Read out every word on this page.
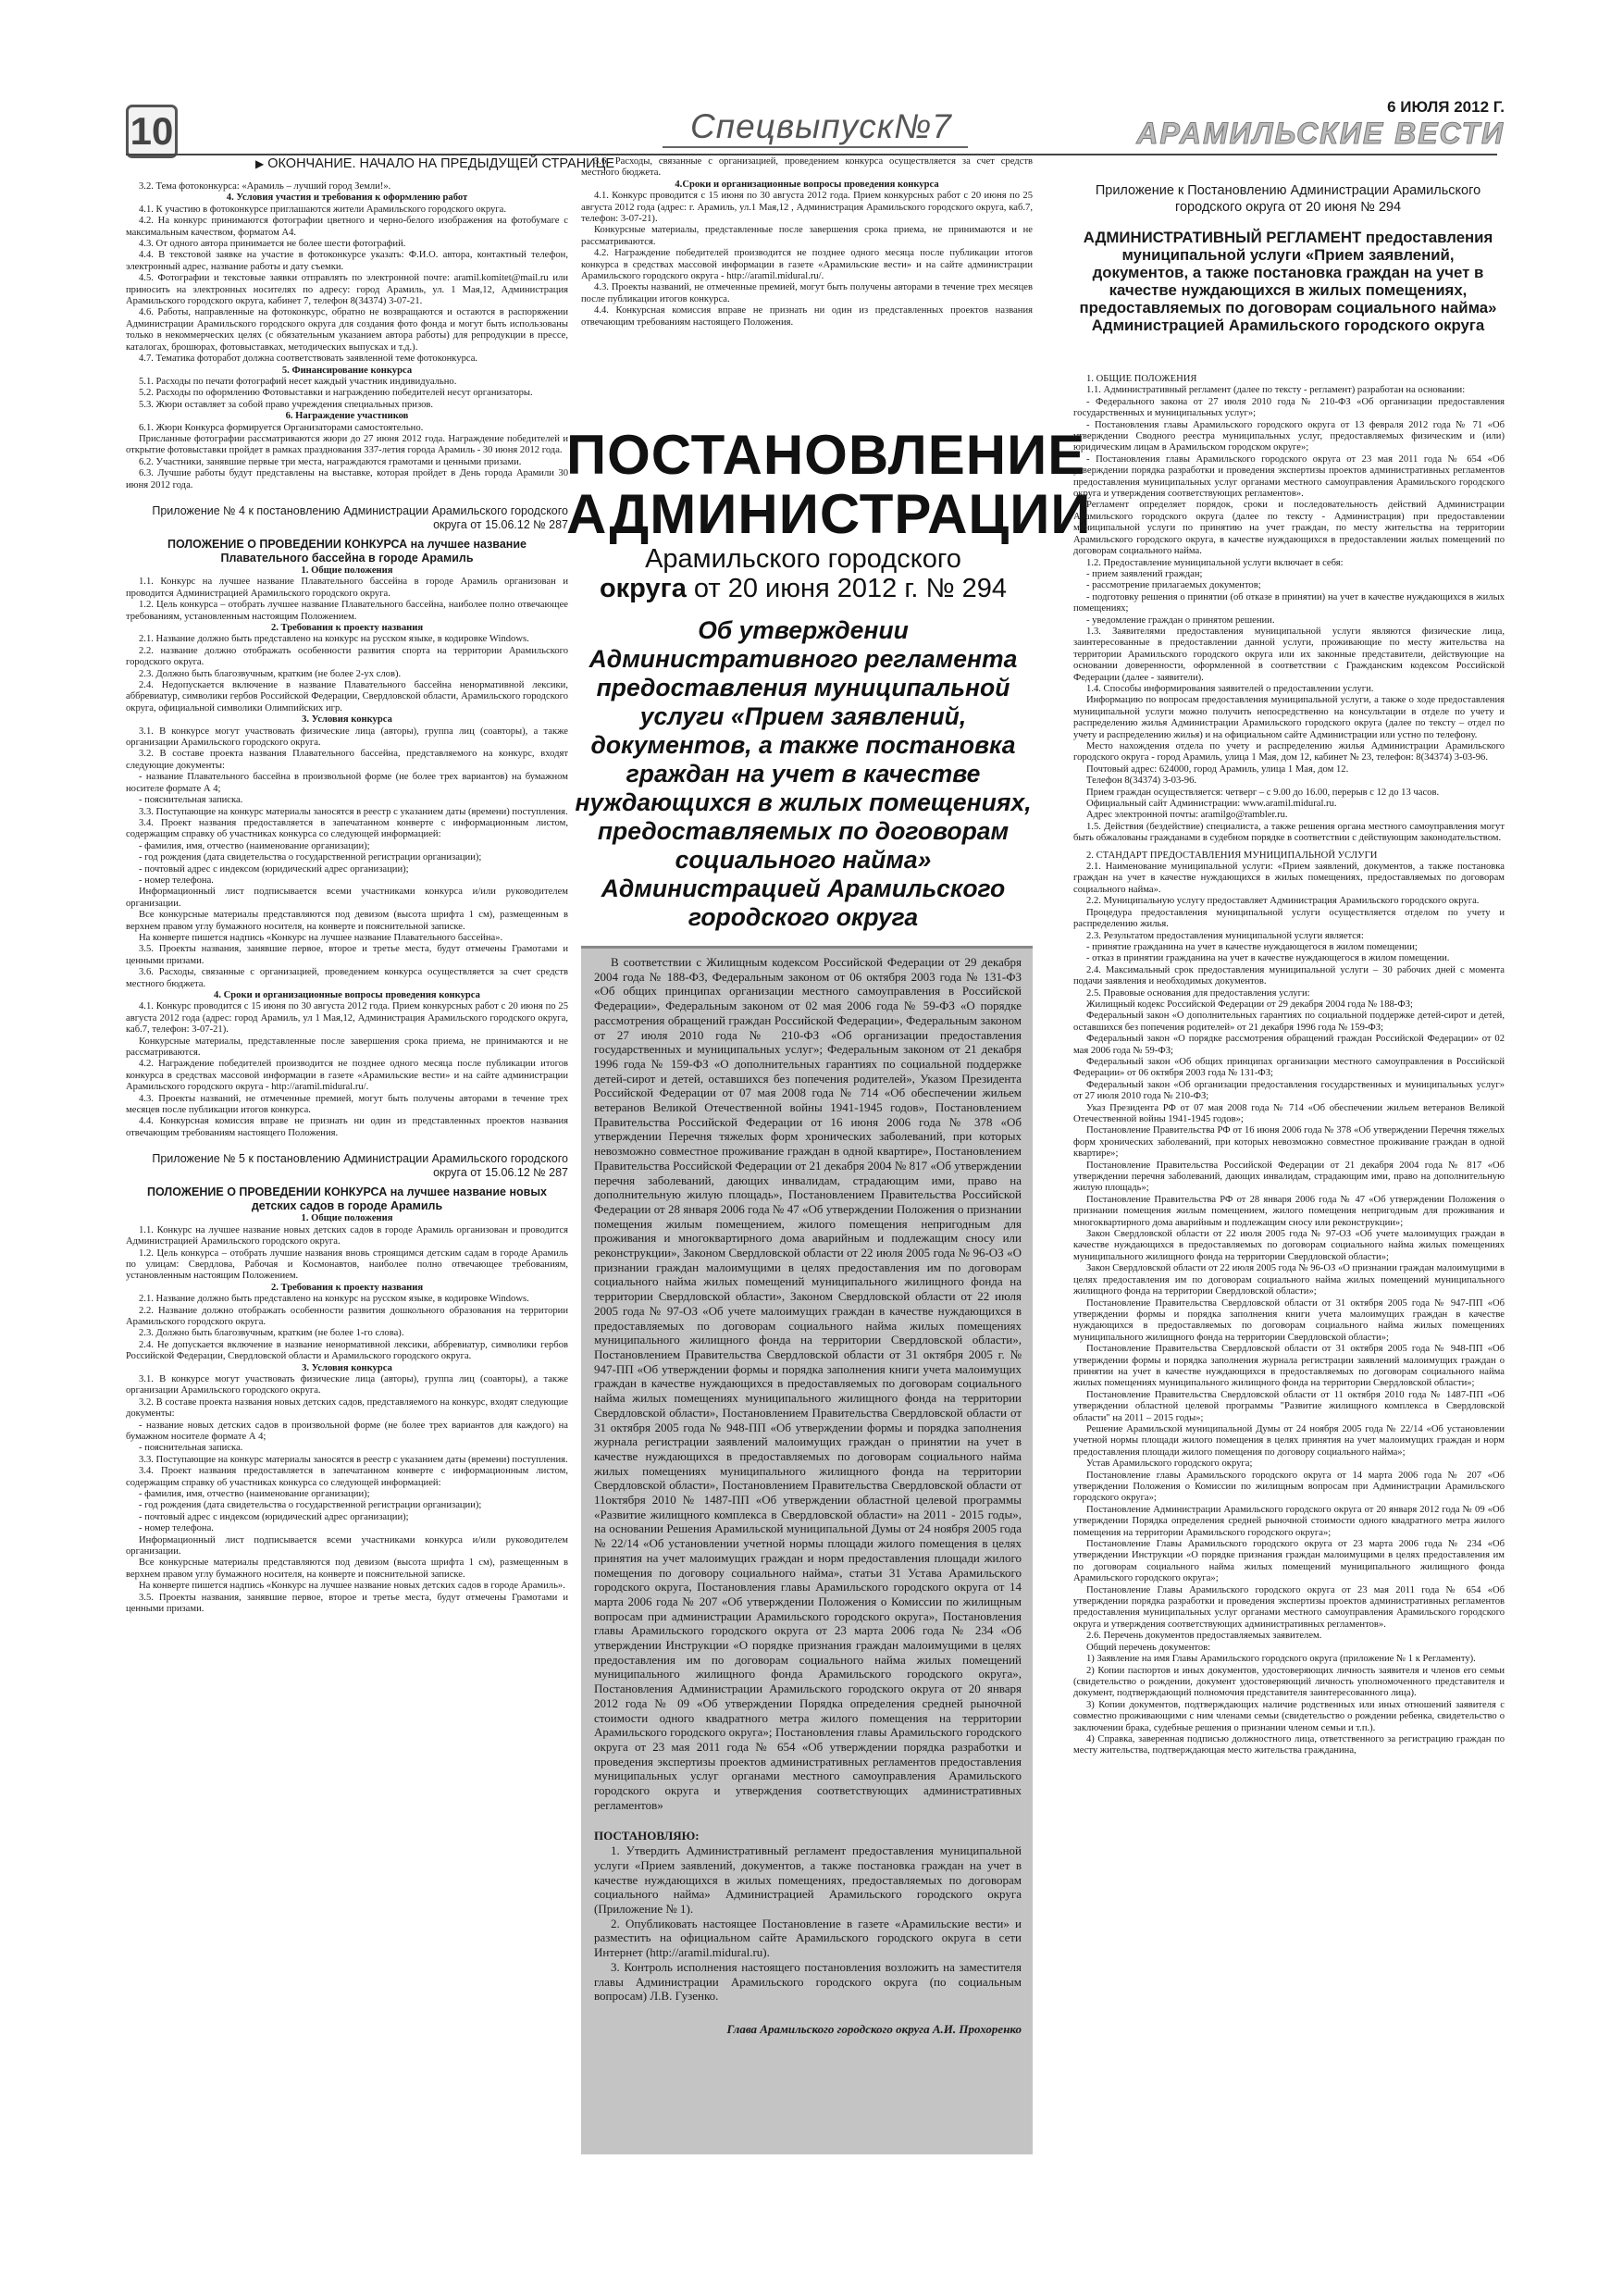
10	Спецвыпуск№7
6 ИЮЛЯ 2012 Г.
АРАМИЛЬСКИЕ ВЕСТИ
▶ ОКОНЧАНИЕ. НАЧАЛО НА ПРЕДЫДУЩЕЙ СТРАНИЦЕ

3.2. Тема фотоконкурса: «Арамиль – лучший город Земли!».

4. Условия участия и требования к оформлению работ

4.1. К участию в фотоконкурсе приглашаются жители Арамильского городского округа.

4.2. На конкурс принимаются фотографии цветного и черно-белого изображения на фотобумаге с максимальным качеством, форматом А4.

4.3. От одного автора принимается не более шести фотографий.

4.4. В текстовой заявке на участие в фотоконкурсе указать: Ф.И.О. автора, контактный телефон, электронный адрес, название работы и дату съемки.

4.5. Фотографии и текстовые заявки отправлять по электронной почте: aramil.komitet@mail.ru или приносить на электронных носителях по адресу: город Арамиль, ул. 1 Мая,12, Администрация Арамильского городского округа, кабинет 7, телефон 8(34374) 3-07-21.

4.6. Работы, направленные на фотоконкурс, обратно не возвращаются и остаются в распоряжении Администрации Арамильского городского округа для создания фото фонда и могут быть использованы только в некоммерческих целях (с обязательным указанием автора работы) для репродукции в прессе, каталогах, брошюрах, фотовыставках, методических выпусках и т.д.).

4.7. Тематика фоторабот должна соответствовать заявленной теме фотоконкурса.

5. Финансирование конкурса

5.1. Расходы по печати фотографий несет каждый участник индивидуально.

5.2. Расходы по оформлению Фотовыставки и награждению победителей несут организаторы.

5.3. Жюри оставляет за собой право учреждения специальных призов.

6. Награждение участников

6.1. Жюри Конкурса формируется Организаторами самостоятельно.

Присланные фотографии рассматриваются жюри до 27 июня 2012 года. Награждение победителей и открытие фотовыставки пройдет в рамках празднования 337-летия города Арамиль - 30 июня 2012 года.

6.2. Участники, занявшие первые три места, награждаются грамотами и ценными призами.

6.3. Лучшие работы будут представлены на выставке, которая пройдет в День города Арамили 30 июня 2012 года.

Приложение № 4 к постановлению Администрации Арамильского городского округа от 15.06.12 № 287

ПОЛОЖЕНИЕ О ПРОВЕДЕНИИ КОНКУРСА на лучшее название Плавательного бассейна в городе Арамиль

1. Общие положения

1.1. Конкурс на лучшее название Плавательного бассейна в городе Арамиль организован и проводится Администрацией Арамильского городского округа.

1.2. Цель конкурса – отобрать лучшее название Плавательного бассейна, наиболее полно отвечающее требованиям, установленным настоящим Положением.

2. Требования к проекту названия

2.1. Название должно быть представлено на конкурс на русском языке, в кодировке Windows.

2.2. название должно отображать особенности развития спорта на территории Арамильского городского округа.

2.3. Должно быть благозвучным, кратким (не более 2-ух слов).

2.4. Недопускается включение в название Плавательного бассейна ненормативной лексики, аббревиатур, символики гербов Российской Федерации, Свердловской области, Арамильского городского округа, официальной символики Олимпийских игр.

3. Условия конкурса

3.1. В конкурсе могут участвовать физические лица (авторы), группа лиц (соавторы), а также организации Арамильского городского округа.

3.2. В составе проекта названия Плавательного бассейна, представляемого на конкурс, входят следующие документы:

- название Плавательного бассейна в произвольной форме (не более трех вариантов) на бумажном носителе формате А 4;

- пояснительная записка.

3.3. Поступающие на конкурс материалы заносятся в реестр с указанием даты (времени) поступления.

3.4. Проект названия предоставляется в запечатанном конверте с информационным листом, содержащим справку об участниках конкурса со следующей информацией:

- фамилия, имя, отчество (наименование организации);

- год рождения (дата свидетельства о государственной регистрации организации);

- почтовый адрес с индексом (юридический адрес организации);

- номер телефона.

Информационный лист подписывается всеми участниками конкурса и/или руководителем организации.

Все конкурсные материалы представляются под девизом (высота шрифта 1 см), размещенным в верхнем правом углу бумажного носителя, на конверте и пояснительной записке.

На конверте пишется надпись «Конкурс на лучшее название Плавательного бассейна».

3.5. Проекты названия, занявшие первое, второе и третье места, будут отмечены Грамотами и ценными призами.

3.6. Расходы, связанные с организацией, проведением конкурса осуществляется за счет средств местного бюджета.

4. Сроки и организационные вопросы проведения конкурса

4.1. Конкурс проводится с 15 июня по 30 августа 2012 года. Прием конкурсных работ с 20 июня по 25 августа 2012 года (адрес: город Арамиль, ул 1 Мая,12, Администрация Арамильского городского округа, каб.7, телефон: 3-07-21).

Конкурсные материалы, представленные после завершения срока приема, не принимаются и не рассматриваются.

4.2. Награждение победителей производится не позднее одного месяца после публикации итогов конкурса в средствах массовой информации в газете «Арамильские вести» и на сайте администрации Арамильского городского округа - http://aramil.midural.ru/.

4.3. Проекты названий, не отмеченные премией, могут быть получены авторами в течение трех месяцев после публикации итогов конкурса.

4.4. Конкурсная комиссия вправе не признать ни один из представленных проектов названия отвечающим требованиям настоящего Положения.

Приложение № 5 к постановлению Администрации Арамильского городского округа от 15.06.12 № 287

ПОЛОЖЕНИЕ О ПРОВЕДЕНИИ КОНКУРСА на лучшее название новых детских садов в городе Арамиль

1. Общие положения

1.1. Конкурс на лучшее название новых детских садов в городе Арамиль организован и проводится Администрацией Арамильского городского округа.

1.2. Цель конкурса – отобрать лучшие названия вновь строящимся детским садам в городе Арамиль по улицам: Свердлова, Рабочая и Космонавтов, наиболее полно отвечающее требованиям, установленным настоящим Положением.

2. Требования к проекту названия

2.1. Название должно быть представлено на конкурс на русском языке, в кодировке Windows.

2.2. Название должно отображать особенности развития дошкольного образования на территории Арамильского городского округа.

2.3. Должно быть благозвучным, кратким (не более 1-го слова).

2.4. Не допускается включение в название ненормативной лексики, аббревиатур, символики гербов Российской Федерации, Свердловской области и Арамильского городского округа.

3. Условия конкурса

3.1. В конкурсе могут участвовать физические лица (авторы), группа лиц (соавторы), а также организации Арамильского городского округа.

3.2. В составе проекта названия новых детских садов, представляемого на конкурс, входят следующие документы:

- название новых детских садов в произвольной форме (не более трех вариантов для каждого) на бумажном носителе формате А 4;

- пояснительная записка.

3.3. Поступающие на конкурс материалы заносятся в реестр с указанием даты (времени) поступления.

3.4. Проект названия предоставляется в запечатанном конверте с информационным листом, содержащим справку об участниках конкурса со следующей информацией:

- фамилия, имя, отчество (наименование организации);

- год рождения (дата свидетельства о государственной регистрации организации);

- почтовый адрес с индексом (юридический адрес организации);

- номер телефона.

Информационный лист подписывается всеми участниками конкурса и/или руководителем организации.

Все конкурсные материалы представляются под девизом (высота шрифта 1 см), размещенным в верхнем правом углу бумажного носителя, на конверте и пояснительной записке.

На конверте пишется надпись «Конкурс на лучшее название новых детских садов в городе Арамиль».

3.5. Проекты названия, занявшие первое, второе и третье места, будут отмечены Грамотами и ценными призами.

3.6. Расходы, связанные с организацией, проведением конкурса осуществляется за счет средств местного бюджета.

4.Сроки и организационные вопросы проведения конкурса

4.1. Конкурс проводится с 15 июня по 30 августа 2012 года. Прием конкурсных работ с 20 июня по 25 августа 2012 года (адрес: г. Арамиль, ул.1 Мая,12 , Администрация Арамильского городского округа, каб.7, телефон: 3-07-21).

Конкурсные материалы, представленные после завершения срока приема, не принимаются и не рассматриваются.

4.2. Награждение победителей производится не позднее одного месяца после публикации итогов конкурса в средствах массовой информации в газете «Арамильские вести» и на сайте администрации Арамильского городского округа - http://aramil.midural.ru/.

4.3. Проекты названий, не отмеченные премией, могут быть получены авторами в течение трех месяцев после публикации итогов конкурса.

4.4. Конкурсная комиссия вправе не признать ни один из представленных проектов названия отвечающим требованиям настоящего Положения.

ПОСТАНОВЛЕНИЕ
АДМИНИСТРАЦИИ
Арамильского городского
округа от 20 июня 2012 г. № 294
Об утверждении Административного регламента предоставления муниципальной услуги «Прием заявлений, документов, а также постановка граждан на учет в качестве нуждающихся в жилых помещениях, предоставляемых по договорам социального найма» Администрацией Арамильского городского округа

В соответствии с Жилищным кодексом Российской Федерации от 29 декабря 2004 года № 188-ФЗ, Федеральным законом от 06 октября 2003 года № 131-ФЗ «Об общих принципах организации местного самоуправления в Российской Федерации», Федеральным законом от 02 мая 2006 года № 59-ФЗ «О порядке рассмотрения обращений граждан Российской Федерации», Федеральным законом от 27 июля 2010 года № 210-ФЗ «Об организации предоставления государственных и муниципальных услуг»; Федеральным законом от 21 декабря 1996 года № 159-ФЗ «О дополнительных гарантиях по социальной поддержке детей-сирот и детей, оставшихся без попечения родителей», Указом Президента Российской Федерации от 07 мая 2008 года № 714 «Об обеспечении жильем ветеранов Великой Отечественной войны 1941-1945 годов», Постановлением Правительства Российской Федерации от 16 июня 2006 года № 378 «Об утверждении Перечня тяжелых форм хронических заболеваний, при которых невозможно совместное проживание граждан в одной квартире», Постановлением Правительства Российской Федерации от 21 декабря 2004 № 817 «Об утверждении перечня заболеваний, дающих инвалидам, страдающим ими, право на дополнительную жилую площадь», Постановлением Правительства Российской Федерации от 28 января 2006 года № 47 «Об утверждении Положения о признании помещения жилым помещением, жилого помещения непригодным для проживания и многоквартирного дома аварийным и подлежащим сносу или реконструкции», Законом Свердловской области от 22 июля 2005 года № 96-ОЗ «О признании граждан малоимущими в целях предоставления им по договорам социального найма жилых помещений муниципального жилищного фонда на территории Свердловской области», Законом Свердловской области от 22 июля 2005 года № 97-ОЗ «Об учете малоимущих граждан в качестве нуждающихся в предоставляемых по договорам социального найма жилых помещениях муниципального жилищного фонда на территории Свердловской области», Постановлением Правительства Свердловской области от 31 октября 2005 г. № 947-ПП «Об утверждении формы и порядка заполнения книги учета малоимущих граждан в качестве нуждающихся в предоставляемых по договорам социального найма жилых помещениях муниципального жилищного фонда на территории Свердловской области», Постановлением Правительства Свердловской области от 31 октября 2005 года № 948-ПП «Об утверждении формы и порядка заполнения журнала регистрации заявлений малоимущих граждан о принятии на учет в качестве нуждающихся в предоставляемых по договорам социального найма жилых помещениях муниципального жилищного фонда на территории Свердловской области», Постановлением Правительства Свердловской области от 11октября 2010 № 1487-ПП «Об утверждении областной целевой программы «Развитие жилищного комплекса в Свердловской области» на 2011 - 2015 годы», на основании Решения Арамильской муниципальной Думы от 24 ноября 2005 года № 22/14 «Об установлении учетной нормы площади жилого помещения в целях принятия на учет малоимущих граждан и норм предоставления площади жилого помещения по договору социального найма», статьи 31 Устава Арамильского городского округа, Постановления главы Арамильского городского округа от 14 марта 2006 года № 207 «Об утверждении Положения о Комиссии по жилищным вопросам при администрации Арамильского городского округа», Постановления главы Арамильского городского округа от 23 марта 2006 года № 234 «Об утверждении Инструкции «О порядке признания граждан малоимущими в целях предоставления им по договорам социального найма жилых помещений муниципального жилищного фонда Арамильского городского округа», Постановления Администрации Арамильского городского округа от 20 января 2012 года № 09 «Об утверждении Порядка определения средней рыночной стоимости одного квадратного метра жилого помещения на территории Арамильского городского округа»; Постановления главы Арамильского городского округа от 23 мая 2011 года № 654 «Об утверждении порядка разработки и проведения экспертизы проектов административных регламентов предоставления муниципальных услуг органами местного самоуправления Арамильского городского округа и утверждения соответствующих административных регламентов»

ПОСТАНОВЛЯЮ:

1. Утвердить Административный регламент предоставления муниципальной услуги «Прием заявлений, документов, а также постановка граждан на учет в качестве нуждающихся в жилых помещениях, предоставляемых по договорам социального найма» Администрацией Арамильского городского округа (Приложение № 1).

2. Опубликовать настоящее Постановление в газете «Арамильские вести» и разместить на официальном сайте Арамильского городского округа в сети Интернет (http://aramil.midural.ru).

3. Контроль исполнения настоящего постановления возложить на заместителя главы Администрации Арамильского городского округа (по социальным вопросам) Л.В. Гузенко.

Глава Арамильского городского округа А.И. Прохоренко

Приложение к Постановлению Администрации Арамильского городского округа от 20 июня № 294
АДМИНИСТРАТИВНЫЙ РЕГЛАМЕНТ предоставления муниципальной услуги «Прием заявлений, документов, а также постановка граждан на учет в качестве нуждающихся в жилых помещениях, предоставляемых по договорам социального найма» Администрацией Арамильского городского округа

1. ОБЩИЕ ПОЛОЖЕНИЯ

1.1. Административный регламент (далее по тексту - регламент) разработан на основании:

- Федерального закона от 27 июля 2010 года № 210-ФЗ «Об организации предоставления государственных и муниципальных услуг»;

- Постановления главы Арамильского городского округа от 13 февраля 2012 года № 71 «Об утверждении Сводного реестра муниципальных услуг, предоставляемых физическим и (или) юридическим лицам в Арамильском городском округе»;

- Постановления главы Арамильского городского округа от 23 мая 2011 года № 654 «Об утверждении порядка разработки и проведения экспертизы проектов административных регламентов предоставления муниципальных услуг органами местного самоуправления Арамильского городского округа и утверждения соответствующих регламентов».

Регламент определяет порядок, сроки и последовательность действий Администрации Арамильского городского округа (далее по тексту - Администрация) при предоставлении муниципальной услуги по принятию на учет граждан, по месту жительства на территории Арамильского городского округа, в качестве нуждающихся в предоставлении жилых помещений по договорам социального найма.

1.2. Предоставление муниципальной услуги включает в себя:

- прием заявлений граждан;

- рассмотрение прилагаемых документов;

- подготовку решения о принятии (об отказе в принятии) на учет в качестве нуждающихся в жилых помещениях;

- уведомление граждан о принятом решении.

1.3. Заявителями предоставления муниципальной услуги являются физические лица, заинтересованные в предоставлении данной услуги, проживающие по месту жительства на территории Арамильского городского округа или их законные представители, действующие на основании доверенности, оформленной в соответствии с Гражданским кодексом Российской Федерации (далее - заявители).

1.4. Способы информирования заявителей о предоставлении услуги.

Информацию по вопросам предоставления муниципальной услуги, а также о ходе предоставления муниципальной услуги можно получить непосредственно на консультации в отделе по учету и распределению жилья Администрации Арамильского городского округа (далее по тексту – отдел по учету и распределению жилья) и на официальном сайте Администрации или устно по телефону.

Место нахождения отдела по учету и распределению жилья Администрации Арамильского городского округа - город Арамиль, улица 1 Мая, дом 12, кабинет № 23, телефон: 8(34374) 3-03-96.

Почтовый адрес: 624000, город Арамиль, улица 1 Мая, дом 12.

Телефон 8(34374) 3-03-96.

Прием граждан осуществляется: четверг – с 9.00 до 16.00, перерыв с 12 до 13 часов.

Официальный сайт Администрации: www.aramil.midural.ru.

Адрес электронной почты: aramilgo@rambler.ru.

1.5. Действия (бездействие) специалиста, а также решения органа местного самоуправления могут быть обжалованы гражданами в судебном порядке в соответствии с действующим законодательством.

2. СТАНДАРТ ПРЕДОСТАВЛЕНИЯ МУНИЦИПАЛЬНОЙ УСЛУГИ

2.1. Наименование муниципальной услуги: «Прием заявлений, документов, а также постановка граждан на учет в качестве нуждающихся в жилых помещениях, предоставляемых по договорам социального найма».

2.2. Муниципальную услугу предоставляет Администрация Арамильского городского округа.

Процедура предоставления муниципальной услуги осуществляется отделом по учету и распределению жилья.

2.3. Результатом предоставления муниципальной услуги является:

- принятие гражданина на учет в качестве нуждающегося в жилом помещении;

- отказ в принятии гражданина на учет в качестве нуждающегося в жилом помещении.

2.4. Максимальный срок предоставления муниципальной услуги – 30 рабочих дней с момента подачи заявления и необходимых документов.

2.5. Правовые основания для предоставления услуги:

Жилищный кодекс Российской Федерации от 29 декабря 2004 года № 188-ФЗ;

Федеральный закон «О дополнительных гарантиях по социальной поддержке детей-сирот и детей, оставшихся без попечения родителей» от 21 декабря 1996 года № 159-ФЗ;

Федеральный закон «О порядке рассмотрения обращений граждан Российской Федерации» от 02 мая 2006 года № 59-ФЗ;

Федеральный закон «Об общих принципах организации местного самоуправления в Российской Федерации» от 06 октября 2003 года № 131-ФЗ;

Федеральный закон «Об организации предоставления государственных и муниципальных услуг» от 27 июля 2010 года № 210-ФЗ;

Указ Президента РФ от 07 мая 2008 года № 714 «Об обеспечении жильем ветеранов Великой Отечественной войны 1941-1945 годов»;

Постановление Правительства РФ от 16 июня 2006 года № 378 «Об утверждении Перечня тяжелых форм хронических заболеваний, при которых невозможно совместное проживание граждан в одной квартире»;

Постановление Правительства Российской Федерации от 21 декабря 2004 года № 817 «Об утверждении перечня заболеваний, дающих инвалидам, страдающим ими, право на дополнительную жилую площадь»;

Постановление Правительства РФ от 28 января 2006 года № 47 «Об утверждении Положения о признании помещения жилым помещением, жилого помещения непригодным для проживания и многоквартирного дома аварийным и подлежащим сносу или реконструкции»;

Закон Свердловской области от 22 июля 2005 года № 97-ОЗ «Об учете малоимущих граждан в качестве нуждающихся в предоставляемых по договорам социального найма жилых помещениях муниципального жилищного фонда на территории Свердловской области»;

Закон Свердловской области от 22 июля 2005 года № 96-ОЗ «О признании граждан малоимущими в целях предоставления им по договорам социального найма жилых помещений муниципального жилищного фонда на территории Свердловской области»;

Постановление Правительства Свердловской области от 31 октября 2005 года № 947-ПП «Об утверждении формы и порядка заполнения книги учета малоимущих граждан в качестве нуждающихся в предоставляемых по договорам социального найма жилых помещениях муниципального жилищного фонда на территории Свердловской области»;

Постановление Правительства Свердловской области от 31 октября 2005 года № 948-ПП «Об утверждении формы и порядка заполнения журнала регистрации заявлений малоимущих граждан о принятии на учет в качестве нуждающихся в предоставляемых по договорам социального найма жилых помещениях муниципального жилищного фонда на территории Свердловской области»;

Постановление Правительства Свердловской области от 11 октября 2010 года № 1487-ПП «Об утверждении областной целевой программы "Развитие жилищного комплекса в Свердловской области" на 2011 – 2015 годы»;

Решение Арамильской муниципальной Думы от 24 ноября 2005 года № 22/14 «Об установлении учетной нормы площади жилого помещения в целях принятия на учет малоимущих граждан и норм предоставления площади жилого помещения по договору социального найма»;

Устав Арамильского городского округа;

Постановление главы Арамильского городского округа от 14 марта 2006 года № 207 «Об утверждении Положения о Комиссии по жилищным вопросам при Администрации Арамильского городского округа»;

Постановление Администрации Арамильского городского округа от 20 января 2012 года № 09 «Об утверждении Порядка определения средней рыночной стоимости одного квадратного метра жилого помещения на территории Арамильского городского округа»;

Постановление Главы Арамильского городского округа от 23 марта 2006 года № 234 «Об утверждении Инструкции «О порядке признания граждан малоимущими в целях предоставления им по договорам социального найма жилых помещений муниципального жилищного фонда Арамильского городского округа»;

Постановление Главы Арамильского городского округа от 23 мая 2011 года № 654 «Об утверждении порядка разработки и проведения экспертизы проектов административных регламентов предоставления муниципальных услуг органами местного самоуправления Арамильского городского округа и утверждения соответствующих административных регламентов».

2.6. Перечень документов предоставляемых заявителем.

Общий перечень документов:

1) Заявление на имя Главы Арамильского городского округа (приложение № 1 к Регламенту).

2) Копии паспортов и иных документов, удостоверяющих личность заявителя и членов его семьи (свидетельство о рождении, документ удостоверяющий личность уполномоченного представителя и документ, подтверждающий полномочия представителя заинтересованного лица).

3) Копии документов, подтверждающих наличие родственных или иных отношений заявителя с совместно проживающими с ним членами семьи (свидетельство о рождении ребенка, свидетельство о заключении брака, судебные решения о признании членом семьи и т.п.).

4) Справка, заверенная подписью должностного лица, ответственного за регистрацию граждан по месту жительства, подтверждающая место жительства гражданина,
